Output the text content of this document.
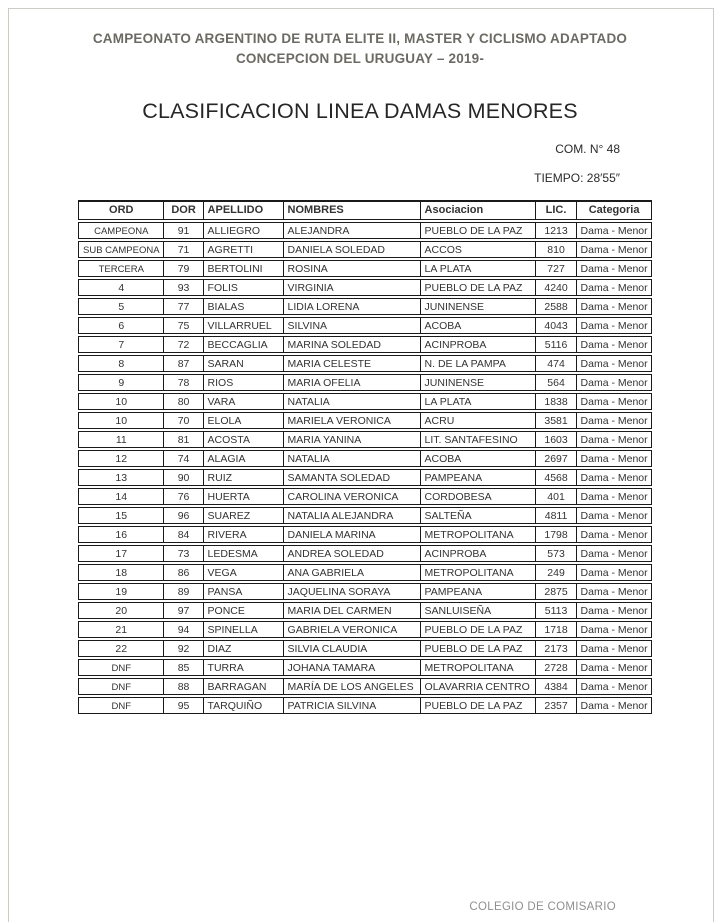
CAMPEONATO ARGENTINO DE RUTA ELITE II, MASTER Y CICLISMO ADAPTADO
CONCEPCION DEL URUGUAY – 2019-
CLASIFICACION LINEA DAMAS MENORES
COM. N° 48
TIEMPO: 28′55″
ORD	DOR	APELLIDO	NOMBRES	Asociacion	LIC.	Categoria
CAMPEONA	91	ALLIEGRO	ALEJANDRA	PUEBLO DE LA PAZ	1213	Dama - Menor
SUB CAMPEONA	71	AGRETTI	DANIELA SOLEDAD	ACCOS	810	Dama - Menor
TERCERA	79	BERTOLINI	ROSINA	LA PLATA	727	Dama - Menor
4	93	FOLIS	VIRGINIA	PUEBLO DE LA PAZ	4240	Dama - Menor
5	77	BIALAS	LIDIA LORENA	JUNINENSE	2588	Dama - Menor
6	75	VILLARRUEL	SILVINA	ACOBA	4043	Dama - Menor
7	72	BECCAGLIA	MARINA SOLEDAD	ACINPROBA	5116	Dama - Menor
8	87	SARAN	MARIA CELESTE	N. DE LA PAMPA	474	Dama - Menor
9	78	RIOS	MARIA OFELIA	JUNINENSE	564	Dama - Menor
10	80	VARA	NATALIA	LA PLATA	1838	Dama - Menor
10	70	ELOLA	MARIELA VERONICA	ACRU	3581	Dama - Menor
11	81	ACOSTA	MARIA YANINA	LIT. SANTAFESINO	1603	Dama - Menor
12	74	ALAGIA	NATALIA	ACOBA	2697	Dama - Menor
13	90	RUIZ	SAMANTA SOLEDAD	PAMPEANA	4568	Dama - Menor
14	76	HUERTA	CAROLINA VERONICA	CORDOBESA	401	Dama - Menor
15	96	SUAREZ	NATALIA ALEJANDRA	SALTEÑA	4811	Dama - Menor
16	84	RIVERA	DANIELA MARINA	METROPOLITANA	1798	Dama - Menor
17	73	LEDESMA	ANDREA SOLEDAD	ACINPROBA	573	Dama - Menor
18	86	VEGA	ANA GABRIELA	METROPOLITANA	249	Dama - Menor
19	89	PANSA	JAQUELINA SORAYA	PAMPEANA	2875	Dama - Menor
20	97	PONCE	MARIA DEL CARMEN	SANLUISEÑA	5113	Dama - Menor
21	94	SPINELLA	GABRIELA VERONICA	PUEBLO DE LA PAZ	1718	Dama - Menor
22	92	DIAZ	SILVIA CLAUDIA	PUEBLO DE LA PAZ	2173	Dama - Menor
DNF	85	TURRA	JOHANA TAMARA	METROPOLITANA	2728	Dama - Menor
DNF	88	BARRAGAN	MARÍA DE LOS ANGELES	OLAVARRIA CENTRO	4384	Dama - Menor
DNF	95	TARQUIÑO	PATRICIA SILVINA	PUEBLO DE LA PAZ	2357	Dama - Menor
COLEGIO DE COMISARIO
